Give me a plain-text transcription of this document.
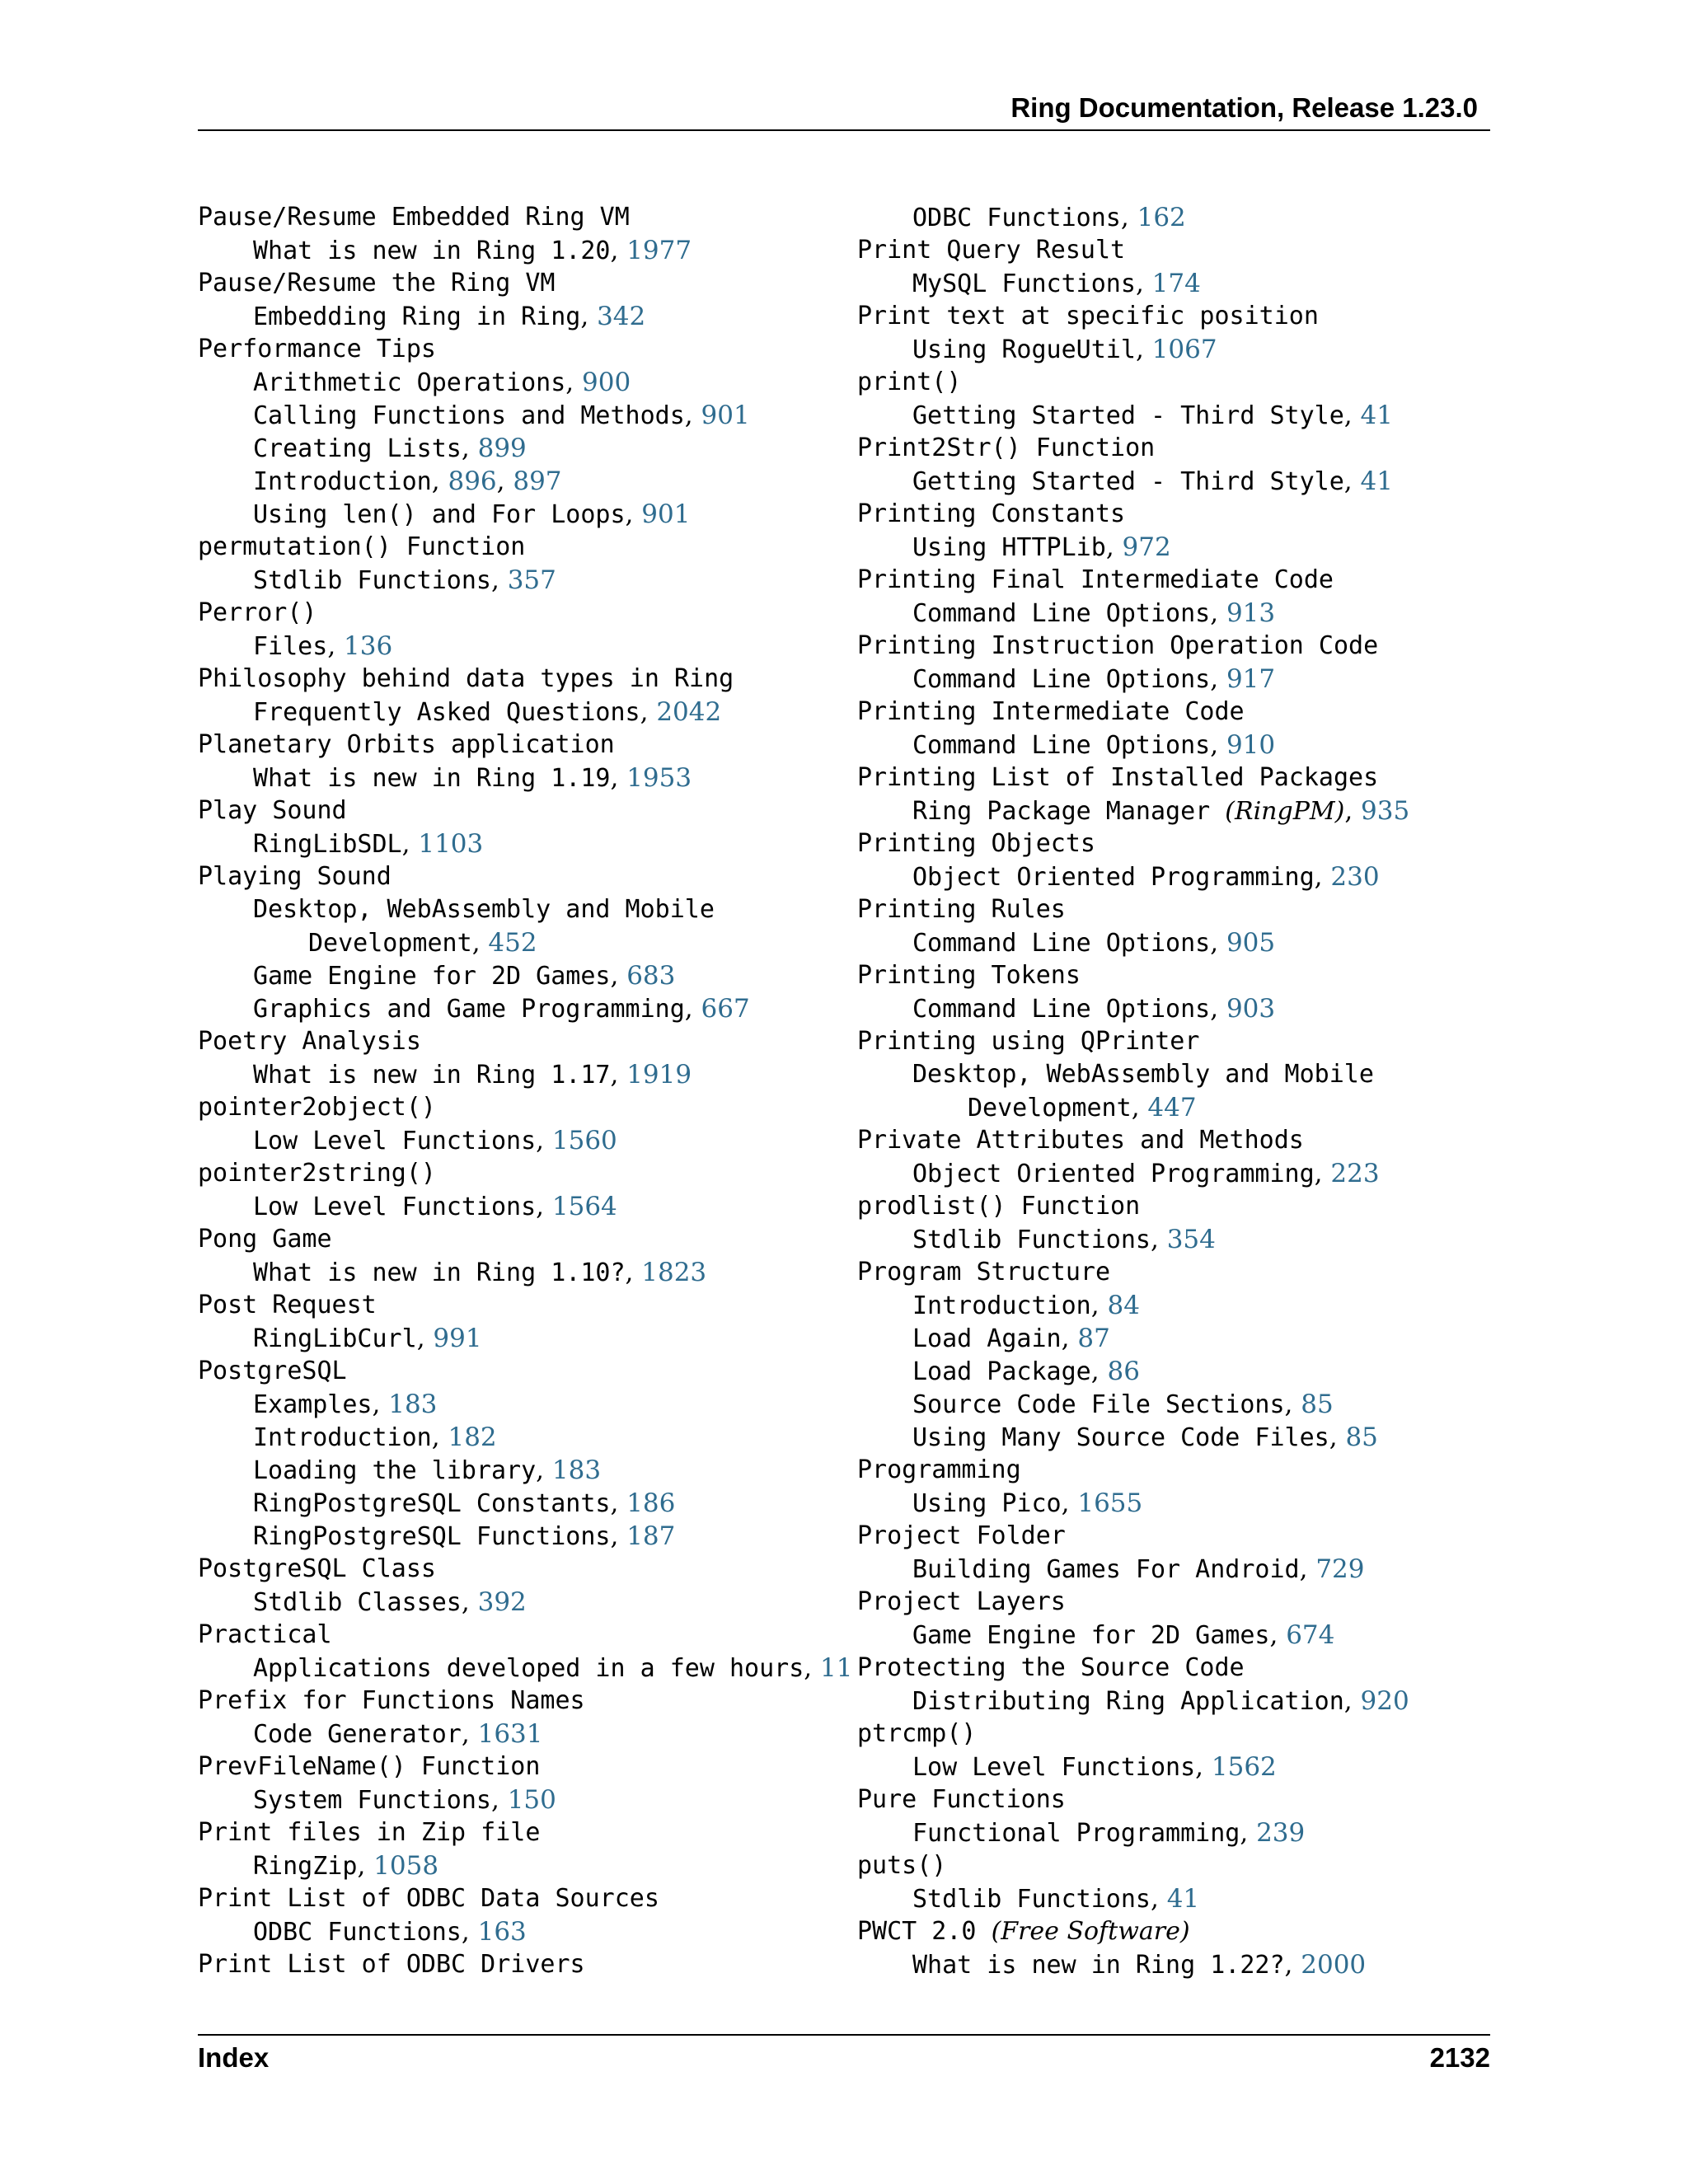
Ring Documentation, Release 1.23.0
Pause/Resume Embedded Ring VM
What is new in Ring 1.20, 1977
Pause/Resume the Ring VM
Embedding Ring in Ring, 342
Performance Tips
Arithmetic Operations, 900
Calling Functions and Methods, 901
Creating Lists, 899
Introduction, 896, 897
Using len() and For Loops, 901
permutation() Function
Stdlib Functions, 357
Perror()
Files, 136
Philosophy behind data types in Ring
Frequently Asked Questions, 2042
Planetary Orbits application
What is new in Ring 1.19, 1953
Play Sound
RingLibSDL, 1103
Playing Sound
Desktop, WebAssembly and Mobile
Development, 452
Game Engine for 2D Games, 683
Graphics and Game Programming, 667
Poetry Analysis
What is new in Ring 1.17, 1919
pointer2object()
Low Level Functions, 1560
pointer2string()
Low Level Functions, 1564
Pong Game
What is new in Ring 1.10?, 1823
Post Request
RingLibCurl, 991
PostgreSQL
Examples, 183
Introduction, 182
Loading the library, 183
RingPostgreSQL Constants, 186
RingPostgreSQL Functions, 187
PostgreSQL Class
Stdlib Classes, 392
Practical
Applications developed in a few hours, 11
Prefix for Functions Names
Code Generator, 1631
PrevFileName() Function
System Functions, 150
Print files in Zip file
RingZip, 1058
Print List of ODBC Data Sources
ODBC Functions, 163
Print List of ODBC Drivers
ODBC Functions, 162
Print Query Result
MySQL Functions, 174
Print text at specific position
Using RogueUtil, 1067
print()
Getting Started - Third Style, 41
Print2Str() Function
Getting Started - Third Style, 41
Printing Constants
Using HTTPLib, 972
Printing Final Intermediate Code
Command Line Options, 913
Printing Instruction Operation Code
Command Line Options, 917
Printing Intermediate Code
Command Line Options, 910
Printing List of Installed Packages
Ring Package Manager (RingPM), 935
Printing Objects
Object Oriented Programming, 230
Printing Rules
Command Line Options, 905
Printing Tokens
Command Line Options, 903
Printing using QPrinter
Desktop, WebAssembly and Mobile
Development, 447
Private Attributes and Methods
Object Oriented Programming, 223
prodlist() Function
Stdlib Functions, 354
Program Structure
Introduction, 84
Load Again, 87
Load Package, 86
Source Code File Sections, 85
Using Many Source Code Files, 85
Programming
Using Pico, 1655
Project Folder
Building Games For Android, 729
Project Layers
Game Engine for 2D Games, 674
Protecting the Source Code
Distributing Ring Application, 920
ptrcmp()
Low Level Functions, 1562
Pure Functions
Functional Programming, 239
puts()
Stdlib Functions, 41
PWCT 2.0 (Free Software)
What is new in Ring 1.22?, 2000
Index	2132
